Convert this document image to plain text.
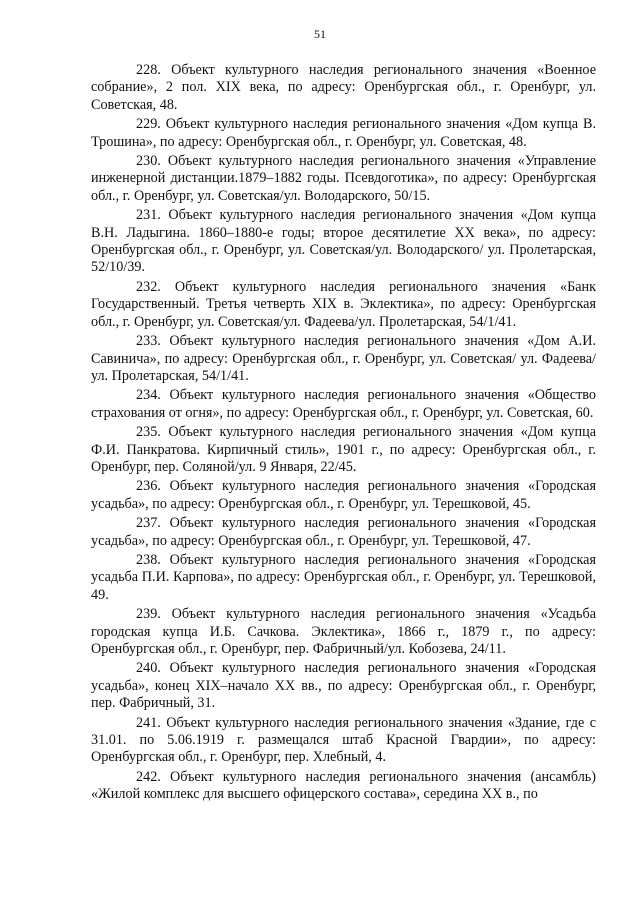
51

228. Объект культурного наследия регионального значения «Военное собрание», 2 пол. XIX века, по адресу: Оренбургская обл., г. Оренбург, ул. Советская, 48.

229. Объект культурного наследия регионального значения «Дом купца В. Трошина», по адресу: Оренбургская обл., г. Оренбург, ул. Советская, 48.

230. Объект культурного наследия регионального значения «Управление инженерной дистанции.1879–1882 годы. Псевдоготика», по адресу: Оренбургская обл., г. Оренбург, ул. Советская/ул. Володарского, 50/15.

231. Объект культурного наследия регионального значения «Дом купца В.Н. Ладыгина. 1860–1880-е годы; второе десятилетие XX века», по адресу: Оренбургская обл., г. Оренбург, ул. Советская/ул. Володарского/ ул. Пролетарская, 52/10/39.

232. Объект культурного наследия регионального значения «Банк Государственный. Третья четверть XIX в. Эклектика», по адресу: Оренбургская обл., г. Оренбург, ул. Советская/ул. Фадеева/ул. Пролетарская, 54/1/41.

233. Объект культурного наследия регионального значения «Дом А.И. Савинича», по адресу: Оренбургская обл., г. Оренбург, ул. Советская/ ул. Фадеева/ул. Пролетарская, 54/1/41.

234. Объект культурного наследия регионального значения «Общество страхования от огня», по адресу: Оренбургская обл., г. Оренбург, ул. Советская, 60.

235. Объект культурного наследия регионального значения «Дом купца Ф.И. Панкратова. Кирпичный стиль», 1901 г., по адресу: Оренбургская обл., г. Оренбург, пер. Соляной/ул. 9 Января, 22/45.

236. Объект культурного наследия регионального значения «Городская усадьба», по адресу: Оренбургская обл., г. Оренбург, ул. Терешковой, 45.

237. Объект культурного наследия регионального значения «Городская усадьба», по адресу: Оренбургская обл., г. Оренбург, ул. Терешковой, 47.

238. Объект культурного наследия регионального значения «Городская усадьба П.И. Карпова», по адресу: Оренбургская обл., г. Оренбург, ул. Терешковой, 49.

239. Объект культурного наследия регионального значения «Усадьба городская купца И.Б. Сачкова. Эклектика», 1866 г., 1879 г., по адресу: Оренбургская обл., г. Оренбург, пер. Фабричный/ул. Кобозева, 24/11.

240. Объект культурного наследия регионального значения «Городская усадьба», конец XIX–начало XX вв., по адресу: Оренбургская обл., г. Оренбург, пер. Фабричный, 31.

241. Объект культурного наследия регионального значения «Здание, где с 31.01. по 5.06.1919 г. размещался штаб Красной Гвардии», по адресу: Оренбургская обл., г. Оренбург, пер. Хлебный, 4.

242. Объект культурного наследия регионального значения (ансамбль) «Жилой комплекс для высшего офицерского состава», середина XX в., по
